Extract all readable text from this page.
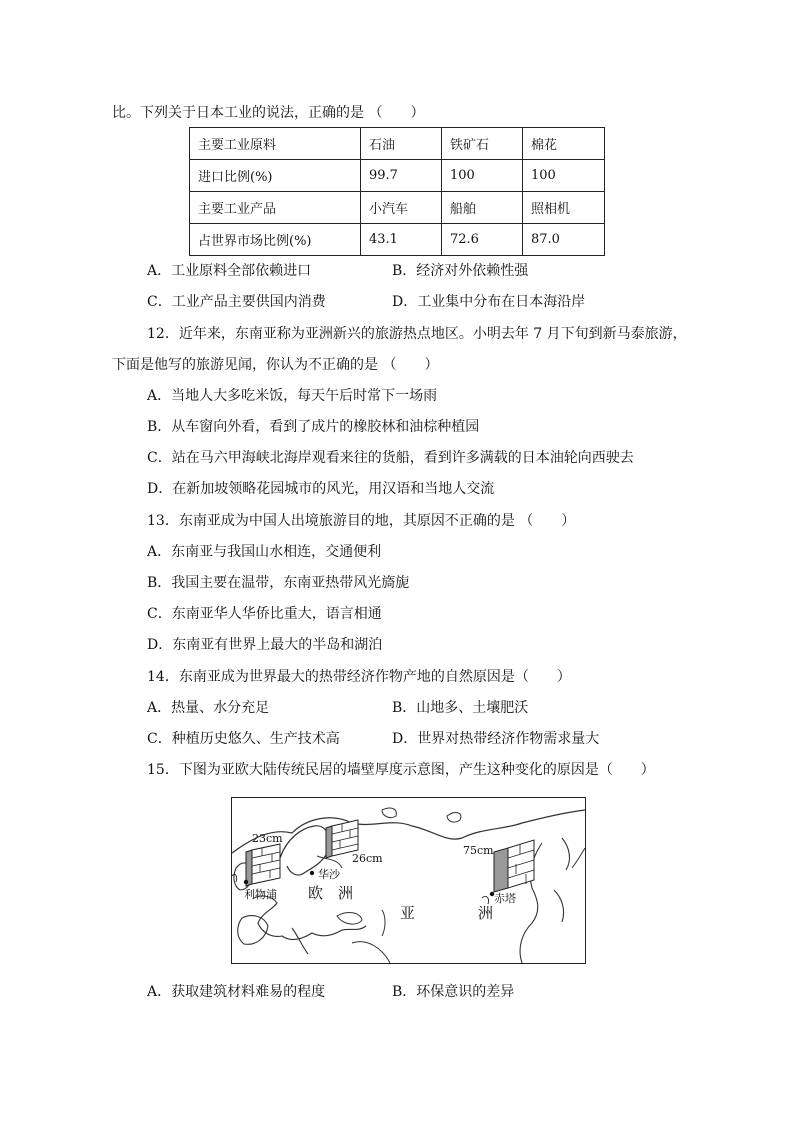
比。下列关于日本工业的说法，正确的是 （　　）
主要工业原料	石油	铁矿石	棉花
进口比例(%)	99.7	100	100
主要工业产品	小汽车	船舶	照相机
占世界市场比例(%)	43.1	72.6	87.0
A．工业原料全部依赖进口	B．经济对外依赖性强
C．工业产品主要供国内消费	D．工业集中分布在日本海沿岸
12．近年来，东南亚称为亚洲新兴的旅游热点地区。小明去年 7 月下旬到新马泰旅游，
下面是他写的旅游见闻，你认为不正确的是 （　　）
A．当地人大多吃米饭，每天午后时常下一场雨
B．从车窗向外看，看到了成片的橡胶林和油棕种植园
C．站在马六甲海峡北海岸观看来往的货船，看到许多满载的日本油轮向西驶去
D．在新加坡领略花园城市的风光，用汉语和当地人交流
13．东南亚成为中国人出境旅游目的地，其原因不正确的是 （　　）
A．东南亚与我国山水相连，交通便利
B．我国主要在温带，东南亚热带风光旖旎
C．东南亚华人华侨比重大，语言相通
D．东南亚有世界上最大的半岛和湖泊
14．东南亚成为世界最大的热带经济作物产地的自然原因是（　　）
A．热量、水分充足	B．山地多、土壤肥沃
C．种植历史悠久、生产技术高	D．世界对热带经济作物需求量大
15．下图为亚欧大陆传统民居的墙壁厚度示意图，产生这种变化的原因是（　　）
23cm
26cm
75cm
利物浦
华沙
赤塔
欧　洲
亚	洲
A．获取建筑材料难易的程度	B．环保意识的差异
